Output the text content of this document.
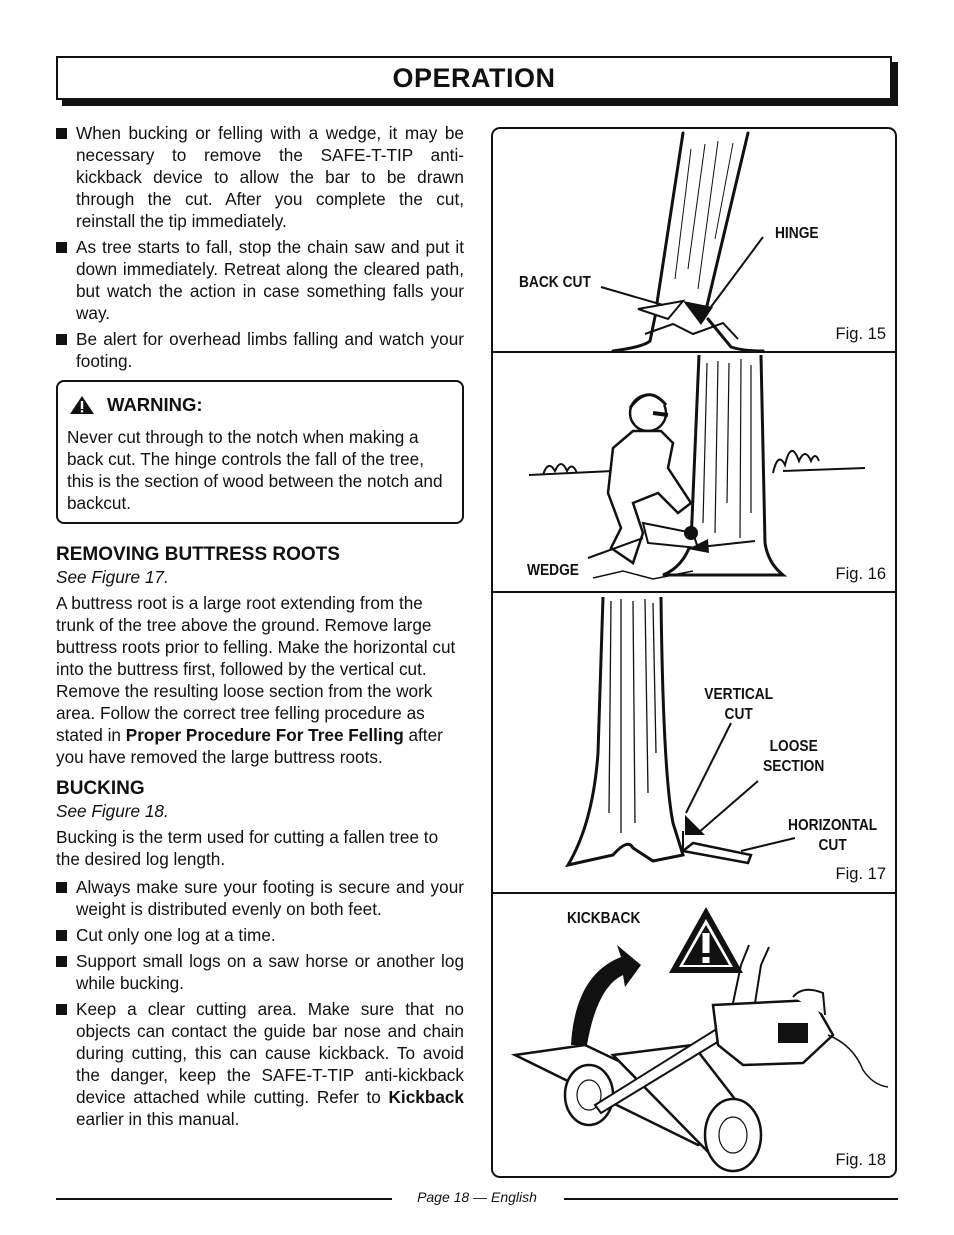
OPERATION
When bucking or felling with a wedge, it may be necessary to remove the SAFE-T-TIP anti-kickback device to allow the bar to be drawn through the cut. After you complete the cut, reinstall the tip immediately.
As tree starts to fall, stop the chain saw and put it down immediately. Retreat along the cleared path, but watch the action in case something falls your way.
Be alert for overhead limbs falling and watch your footing.
WARNING:

Never cut through to the notch when making a back cut. The hinge controls the fall of the tree, this is the section of wood between the notch and backcut.

REMOVING BUTTRESS ROOTS
See Figure 17.

A buttress root is a large root extending from the trunk of the tree above the ground. Remove large buttress roots prior to felling. Make the horizontal cut into the buttress first, followed by the vertical cut. Remove the resulting loose section from the work area. Follow the correct tree felling procedure as stated in Proper Procedure For Tree Felling after you have removed the large buttress roots.

BUCKING
See Figure 18.

Bucking is the term used for cutting a fallen tree to the desired log length.

Always make sure your footing is secure and your weight is distributed evenly on both feet.
Cut only one log at a time.
Support small logs on a saw horse or another log while bucking.
Keep a clear cutting area. Make sure that no objects can contact the guide bar nose and chain during cutting, this can cause kickback. To avoid the danger, keep the SAFE-T-TIP anti-kickback device attached while cutting. Refer to Kickback earlier in this manual.
BACK CUT
HINGE
Fig. 15
WEDGE	Fig. 16
VERTICAL
CUT
LOOSE
SECTION
HORIZONTAL
CUT
Fig. 17
KICKBACK
Fig. 18
Page 18 — English
